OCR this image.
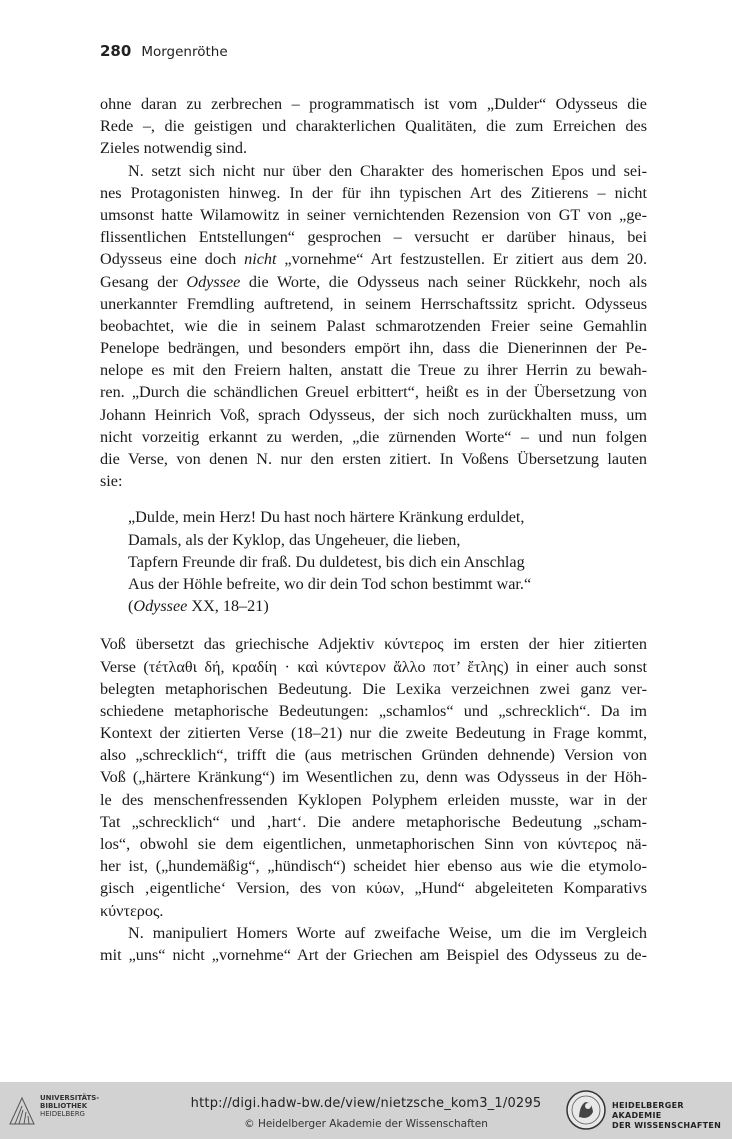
280 Morgenröthe

ohne daran zu zerbrechen – programmatisch ist vom „Dulder“ Odysseus die
Rede –, die geistigen und charakterlichen Qualitäten, die zum Erreichen des
Zieles notwendig sind.

N. setzt sich nicht nur über den Charakter des homerischen Epos und sei-
nes Protagonisten hinweg. In der für ihn typischen Art des Zitierens – nicht
umsonst hatte Wilamowitz in seiner vernichtenden Rezension von GT von „ge-
flissentlichen Entstellungen“ gesprochen – versucht er darüber hinaus, bei
Odysseus eine doch nicht „vornehme“ Art festzustellen. Er zitiert aus dem 20.
Gesang der Odyssee die Worte, die Odysseus nach seiner Rückkehr, noch als
unerkannter Fremdling auftretend, in seinem Herrschaftssitz spricht. Odysseus
beobachtet, wie die in seinem Palast schmarotzenden Freier seine Gemahlin
Penelope bedrängen, und besonders empört ihn, dass die Dienerinnen der Pe-
nelope es mit den Freiern halten, anstatt die Treue zu ihrer Herrin zu bewah-
ren. „Durch die schändlichen Greuel erbittert“, heißt es in der Übersetzung von
Johann Heinrich Voß, sprach Odysseus, der sich noch zurückhalten muss, um
nicht vorzeitig erkannt zu werden, „die zürnenden Worte“ – und nun folgen
die Verse, von denen N. nur den ersten zitiert. In Voßens Übersetzung lauten
sie:

„Dulde, mein Herz! Du hast noch härtere Kränkung erduldet,
Damals, als der Kyklop, das Ungeheuer, die lieben,
Tapfern Freunde dir fraß. Du duldetest, bis dich ein Anschlag
Aus der Höhle befreite, wo dir dein Tod schon bestimmt war.“
(Odyssee XX, 18–21)

Voß übersetzt das griechische Adjektiv κύντερος im ersten der hier zitierten
Verse (τέτλαθι δή, κραδίη · καὶ κύντερον ἄλλο ποτ’ ἔτλης) in einer auch sonst
belegten metaphorischen Bedeutung. Die Lexika verzeichnen zwei ganz ver-
schiedene metaphorische Bedeutungen: „schamlos“ und „schrecklich“. Da im
Kontext der zitierten Verse (18–21) nur die zweite Bedeutung in Frage kommt,
also „schrecklich“, trifft die (aus metrischen Gründen dehnende) Version von
Voß („härtere Kränkung“) im Wesentlichen zu, denn was Odysseus in der Höh-
le des menschenfressenden Kyklopen Polyphem erleiden musste, war in der
Tat „schrecklich“ und ‚hart‘. Die andere metaphorische Bedeutung „scham-
los“, obwohl sie dem eigentlichen, unmetaphorischen Sinn von κύντερος nä-
her ist, („hundemäßig“, „hündisch“) scheidet hier ebenso aus wie die etymolo-
gisch ‚eigentliche‘ Version, des von κύων, „Hund“ abgeleiteten Komparativs
κύντερος.

N. manipuliert Homers Worte auf zweifache Weise, um die im Vergleich
mit „uns“ nicht „vornehme“ Art der Griechen am Beispiel des Odysseus zu de-

UNIVERSITÄTS-
BIBLIOTHEK
HEIDELBERG
http://digi.hadw-bw.de/view/nietzsche_kom3_1/0295
© Heidelberger Akademie der Wissenschaften
HEIDELBERGER AKADEMIE
DER WISSENSCHAFTEN
